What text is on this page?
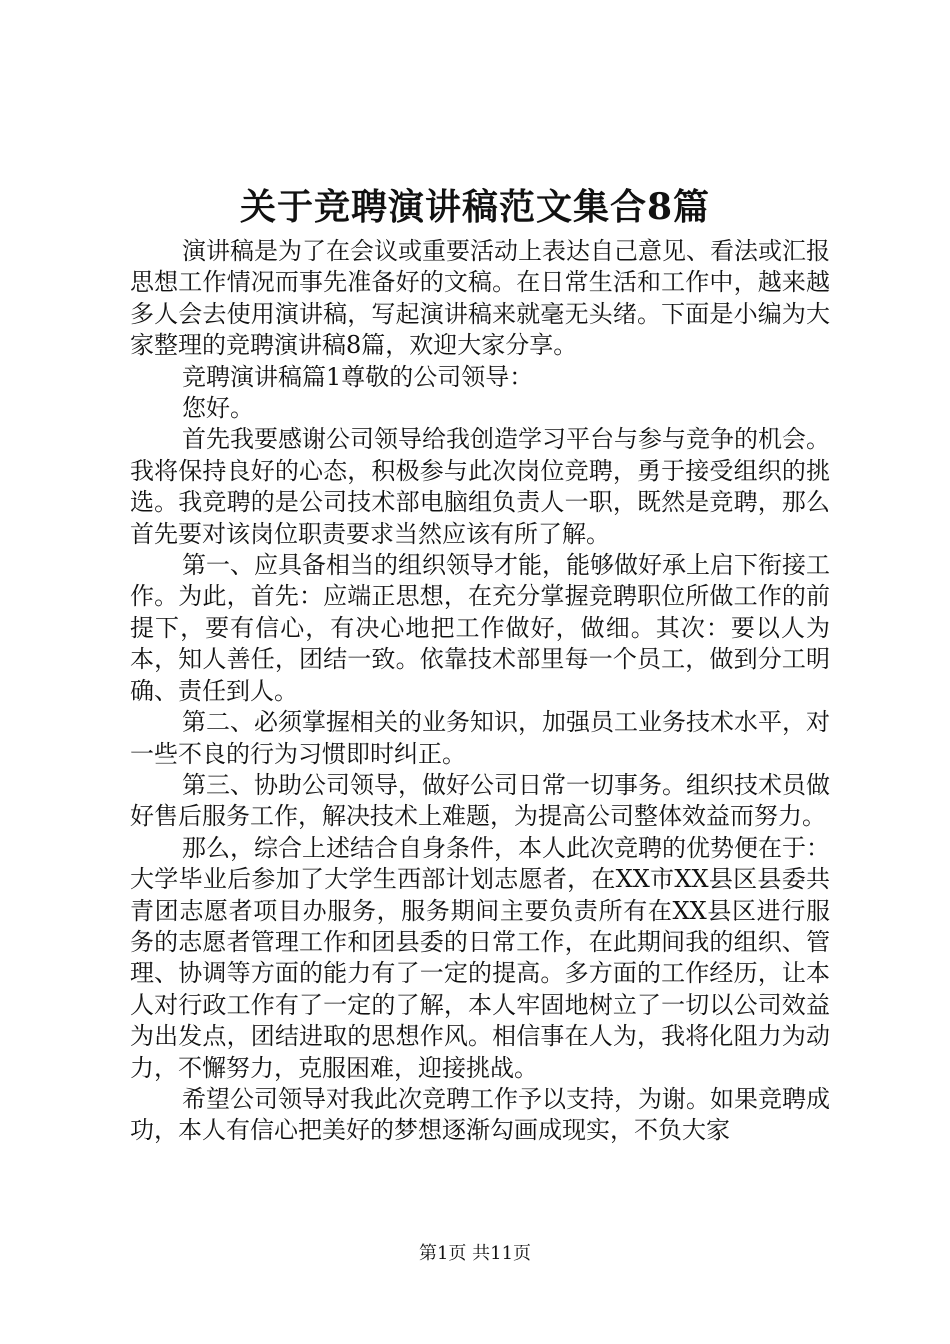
关于竞聘演讲稿范文集合8篇

演讲稿是为了在会议或重要活动上表达自己意见、看法或汇报思想工作情况而事先准备好的文稿。在日常生活和工作中，越来越多人会去使用演讲稿，写起演讲稿来就毫无头绪。下面是小编为大家整理的竞聘演讲稿8篇，欢迎大家分享。

竞聘演讲稿篇1尊敬的公司领导：

您好。

首先我要感谢公司领导给我创造学习平台与参与竞争的机会。我将保持良好的心态，积极参与此次岗位竞聘，勇于接受组织的挑选。我竞聘的是公司技术部电脑组负责人一职，既然是竞聘，那么首先要对该岗位职责要求当然应该有所了解。

第一、应具备相当的组织领导才能，能够做好承上启下衔接工作。为此，首先：应端正思想，在充分掌握竞聘职位所做工作的前提下，要有信心，有决心地把工作做好，做细。其次：要以人为本，知人善任，团结一致。依靠技术部里每一个员工，做到分工明确、责任到人。

第二、必须掌握相关的业务知识，加强员工业务技术水平，对一些不良的行为习惯即时纠正。

第三、协助公司领导，做好公司日常一切事务。组织技术员做好售后服务工作，解决技术上难题，为提高公司整体效益而努力。

那么，综合上述结合自身条件，本人此次竞聘的优势便在于：大学毕业后参加了大学生西部计划志愿者，在XX市XX县区县委共青团志愿者项目办服务，服务期间主要负责所有在XX县区进行服务的志愿者管理工作和团县委的日常工作，在此期间我的组织、管理、协调等方面的能力有了一定的提高。多方面的工作经历，让本人对行政工作有了一定的了解，本人牢固地树立了一切以公司效益为出发点，团结进取的思想作风。相信事在人为，我将化阻力为动力，不懈努力，克服困难，迎接挑战。

希望公司领导对我此次竞聘工作予以支持，为谢。如果竞聘成功，本人有信心把美好的梦想逐渐勾画成现实，不负大家

第1页 共11页
